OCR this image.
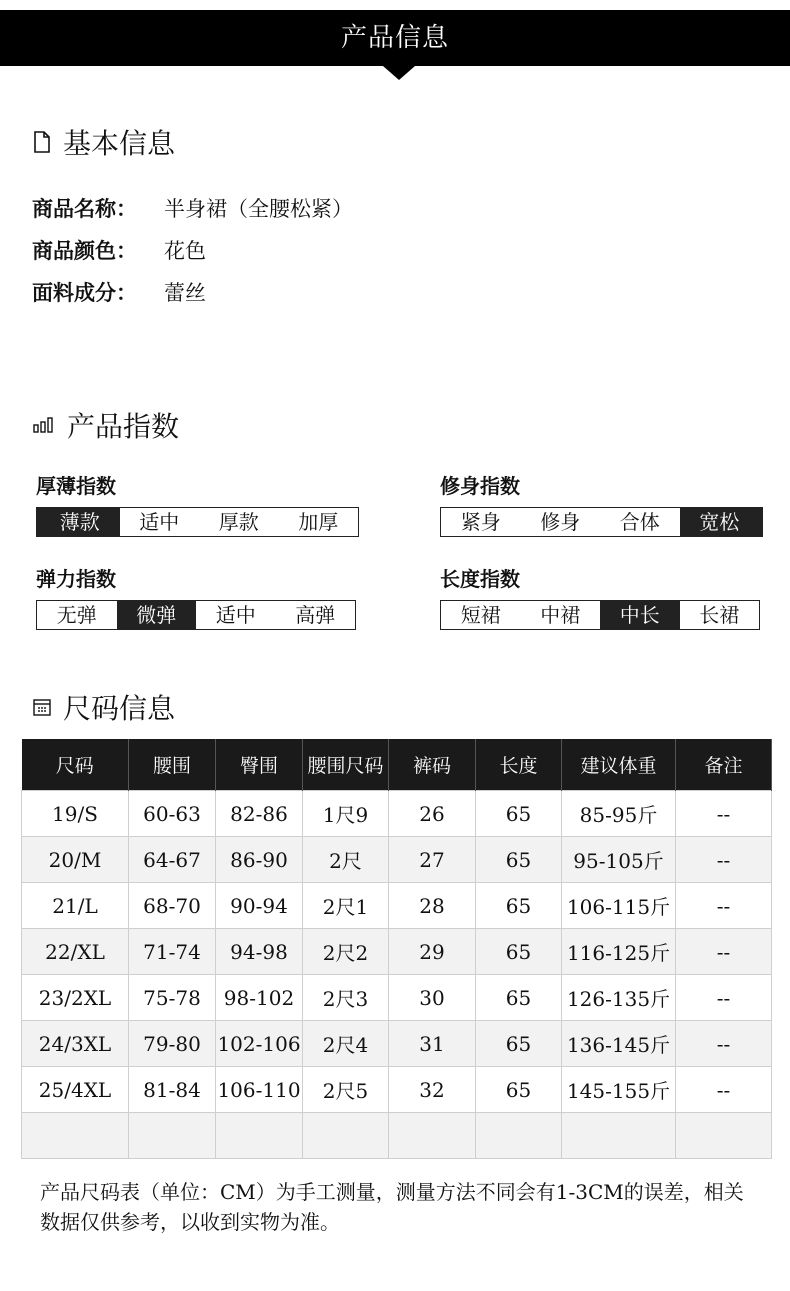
产品信息
基本信息
商品名称：	半身裙（全腰松紧）
商品颜色：	花色
面料成分：	蕾丝
产品指数
厚薄指数
薄款	适中	厚款	加厚
修身指数
紧身	修身	合体	宽松
弹力指数
无弹	微弹	适中	高弹
长度指数
短裙	中裙	中长	长裙
尺码信息
尺码	腰围	臀围	腰围尺码	裤码	长度	建议体重	备注
19/S	60-63	82-86	1尺9	26	65	85-95斤	--
20/M	64-67	86-90	2尺	27	65	95-105斤	--
21/L	68-70	90-94	2尺1	28	65	106-115斤	--
22/XL	71-74	94-98	2尺2	29	65	116-125斤	--
23/2XL	75-78	98-102	2尺3	30	65	126-135斤	--
24/3XL	79-80	102-106	2尺4	31	65	136-145斤	--
25/4XL	81-84	106-110	2尺5	32	65	145-155斤	--

产品尺码表（单位：CM）为手工测量，测量方法不同会有1-3CM的误差，相关数据仅供参考，以收到实物为准。
